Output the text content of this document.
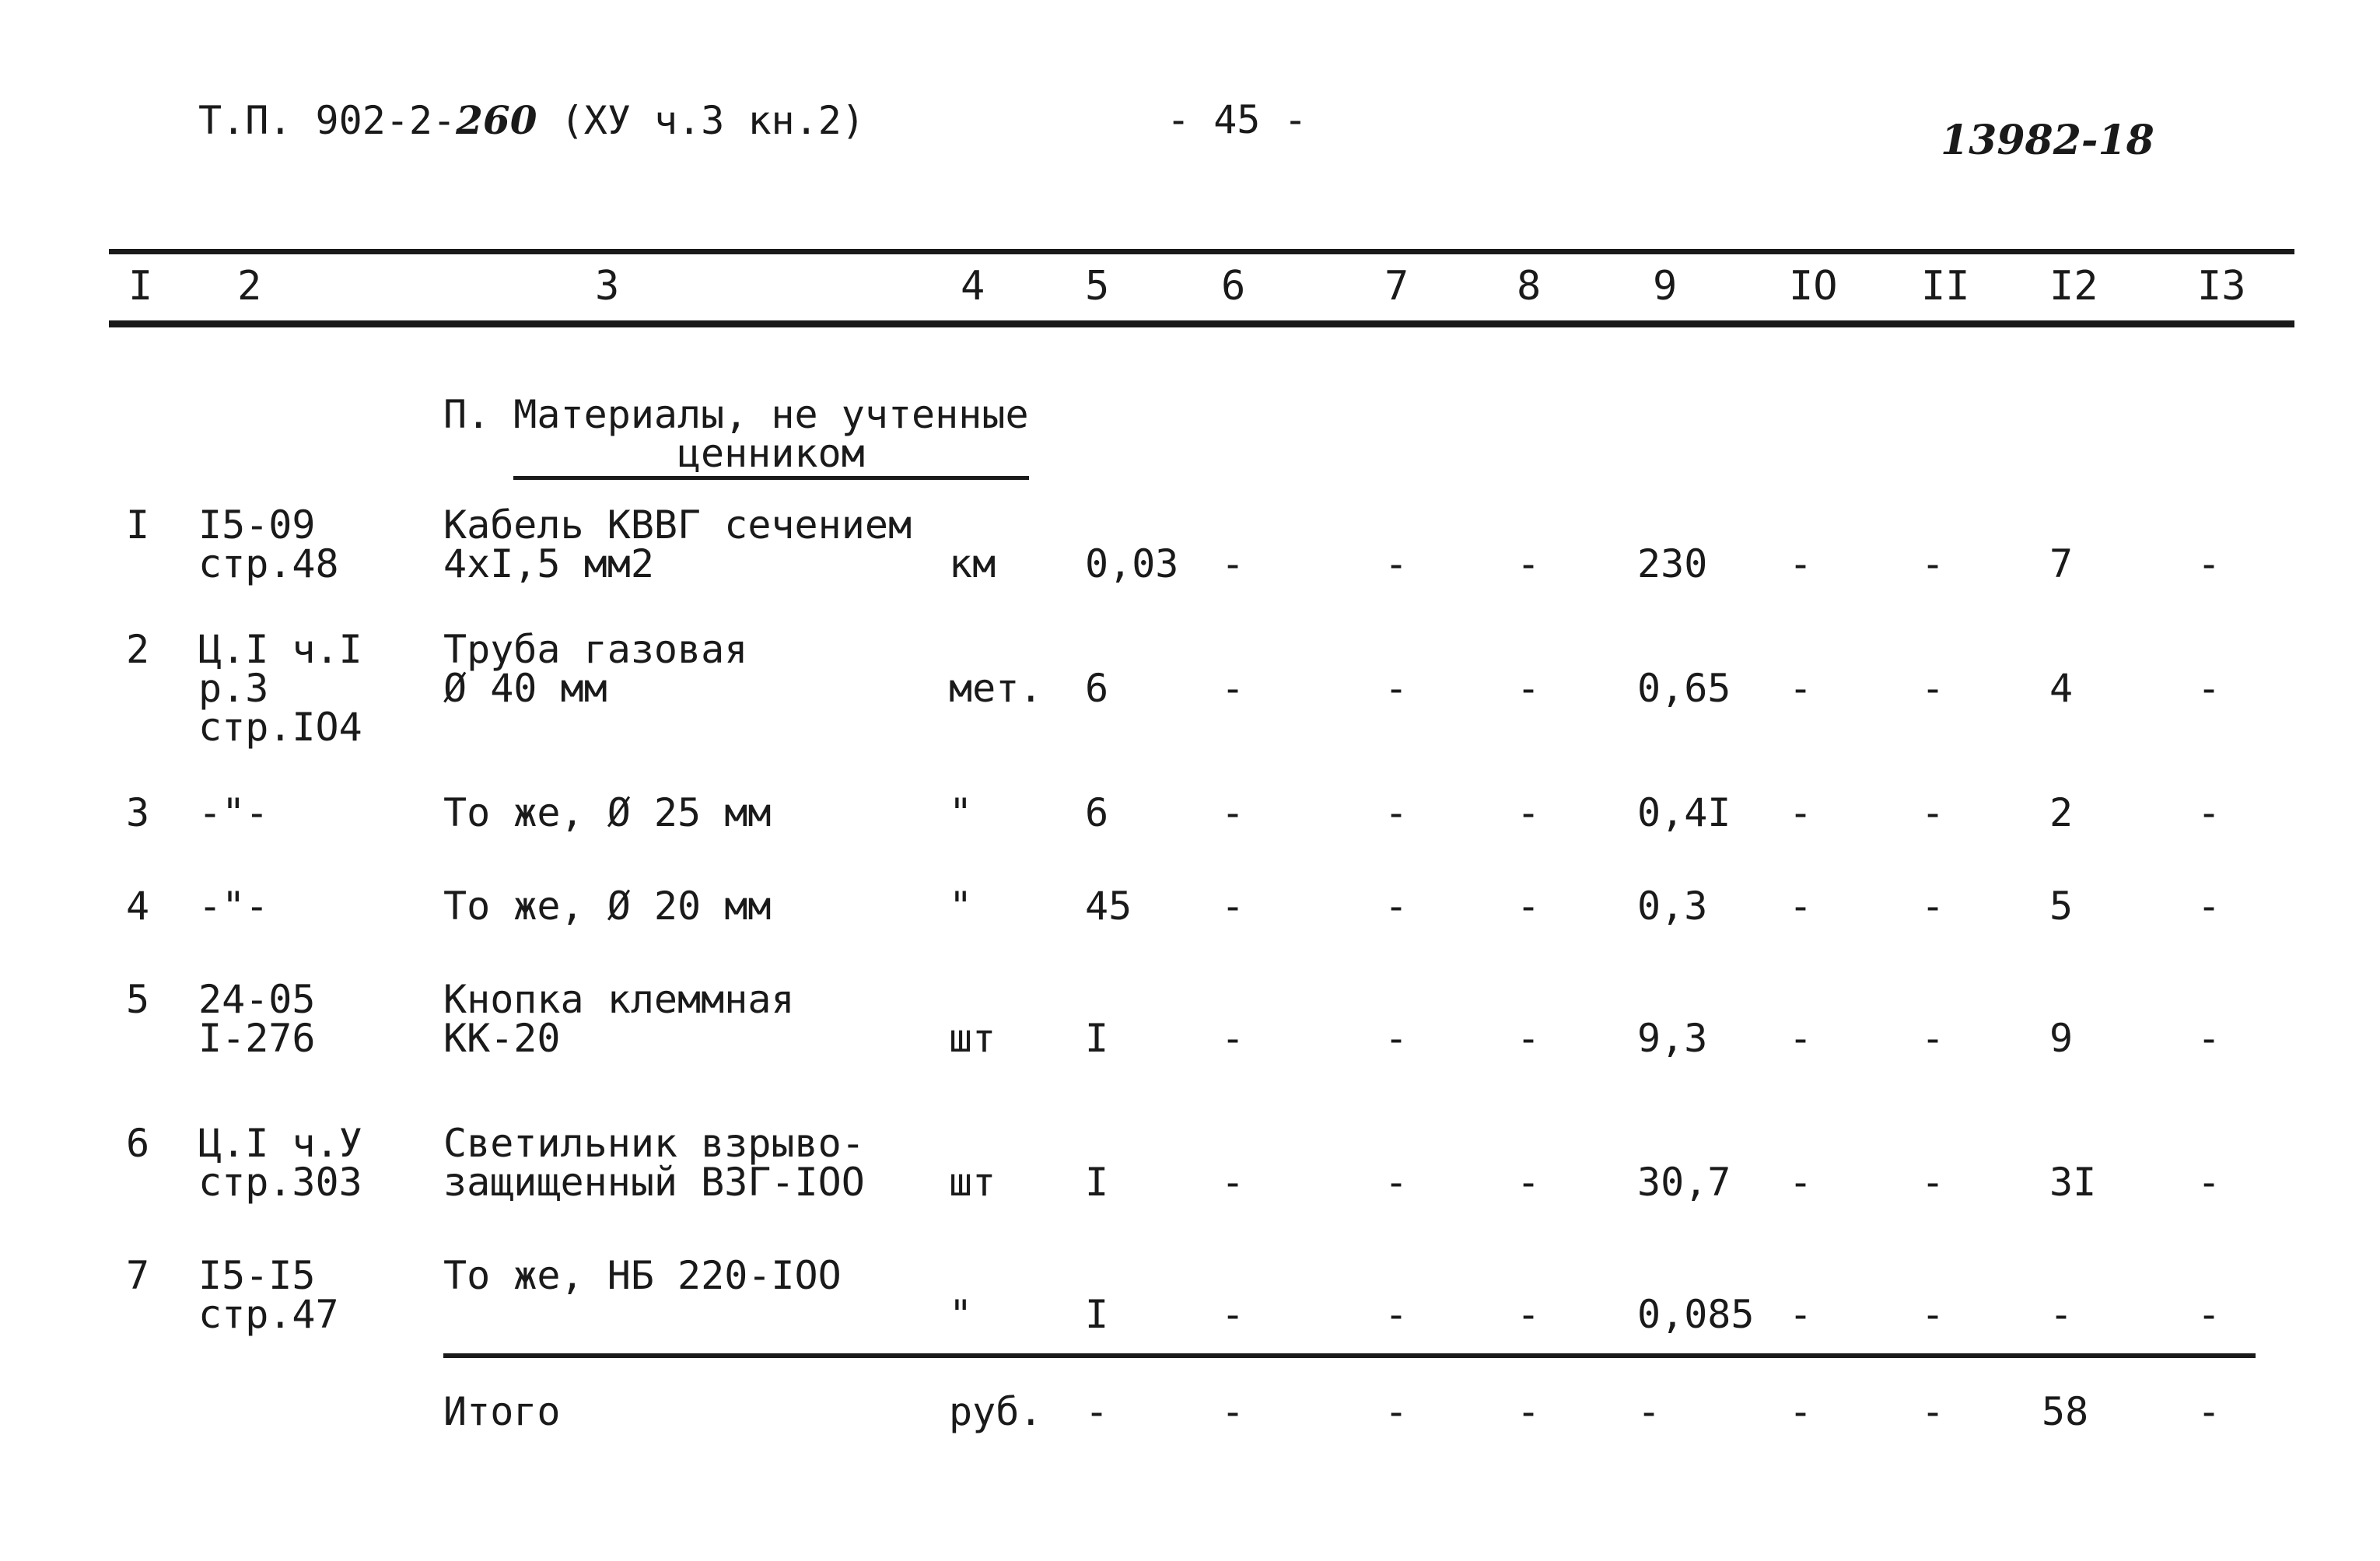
Т.П. 902-2-260 (ХУ ч.3 кн.2)	- 45 -	13982-18
I 2	3	4 5	6	7	8	9	IO II I2 I3
П. Материалы, не учтенные
ценником
I I5-09
стр.48
Кабель КВВГ сечением
4хI,5 мм2	км 0,03 -	-	- 230 -	-	7	-
2 Ц.I ч.I
р.3
стр.IO4
Труба газовая
Ø 40 мм	мет. 6	-	-	- 0,65 -	-	4	-
3 -"-	То же, Ø 25 мм	"	6	-	-	- 0,4I -	-	2	-
4 -"-	То же, Ø 20 мм	"	45 -	-	- 0,3 -	-	5	-
5 24-05
I-276
Кнопка клеммная
КК-20	шт I	-	-	- 9,3 -	-	9	-
6 Ц.I ч.У
стр.303
Светильник взрыво-
защищенный ВЗГ-IOO шт I	-	-	- 30,7 -	-	3I	-
7 I5-I5
стр.47
То же, НБ 220-IOO
"	I	-	-	- 0,085 -	-	-	-
Итого	руб. -	-	-	- -	-	- 58	-
